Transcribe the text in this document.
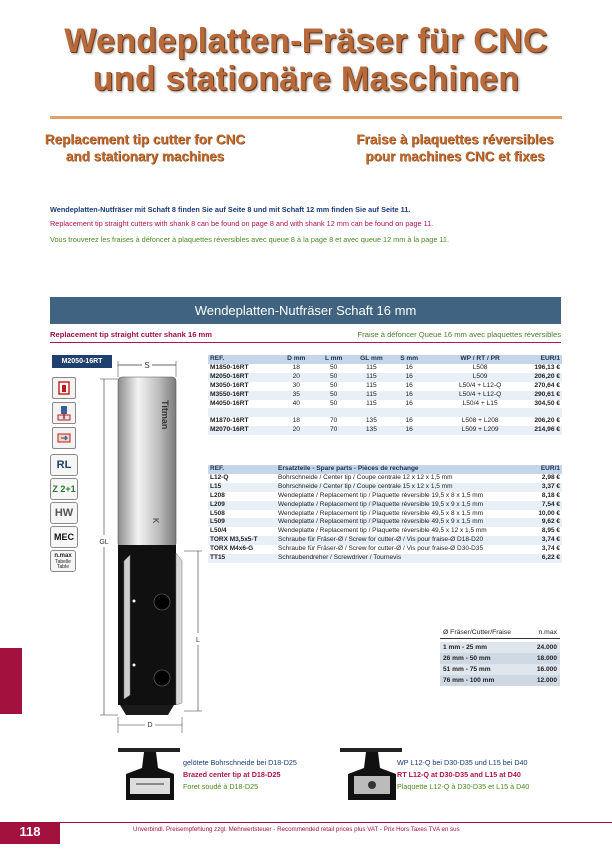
Wendeplatten-Fräser für CNC
und stationäre Maschinen
Replacement tip cutter for CNC
and stationary machines
Fraise à plaquettes réversibles
pour machines CNC et fixes
Wendeplatten-Nutfräser mit Schaft 8 finden Sie auf Seite 8 und mit Schaft 12 mm finden Sie auf Seite 11.
Replacement tip straight cutters with shank 8 can be found on page 8 and with shank 12 mm can be found on page 11.
Vous trouverez les fraises à défoncer à plaquettes réversibles avec queue 8 à la page 8 et avec queue 12 mm à la page 11.
Wendeplatten-Nutfräser Schaft 16 mm
Replacement tip straight cutter shank 16 mm	Fraise à défoncer Queue 16 mm avec plaquettes réversibles
M2050-16RT
RL
Z 2+1
HW
MEC
n.max
Tabelle
Table
S
GL
Titman
K
L
D
REF.	D mm	L mm	GL mm	S mm	WP / RT / PR	EUR/1
M1850-16RT	18	50	115	16	L508	196,13 €
M2050-16RT	20	50	115	16	L509	206,20 €
M3050-16RT	30	50	115	16	L50/4 + L12-Q	270,64 €
M3550-16RT	35	50	115	16	L50/4 + L12-Q	290,61 €
M4050-16RT	40	50	115	16	L50/4 + L15	304,50 €

M1870-16RT	18	70	135	16	L508 + L208	206,20 €
M2070-16RT	20	70	135	16	L509 + L209	214,96 €
REF.	Ersatzteile - Spare parts - Pièces de rechange	EUR/1
L12-Q	Bohrschneide / Center tip / Coupe centrale 12 x 12 x 1,5 mm	2,98 €
L15	Bohrschneide / Center tip / Coupe centrale 15 x 12 x 1,5 mm	3,37 €
L208	Wendeplatte / Replacement tip / Plaquette réversible 19,5 x 8 x 1,5 mm	8,18 €
L209	Wendeplatte / Replacement tip / Plaquette réversible 19,5 x 9 x 1,5 mm	7,54 €
L508	Wendeplatte / Replacement tip / Plaquette réversible 49,5 x 8 x 1,5 mm	10,00 €
L509	Wendeplatte / Replacement tip / Plaquette réversible 49,5 x 9 x 1,5 mm	9,62 €
L50/4	Wendeplatte / Replacement tip / Plaquette réversible 49,5 x 12 x 1,5 mm	8,95 €
TORX M3,5x5-T	Schraube für Fräser-Ø / Screw for cutter-Ø / Vis pour fraise-Ø D18-D20	3,74 €
TORX M4x6-G	Schraube für Fräser-Ø / Screw for cutter-Ø / Vis pour fraise-Ø D30-D35	3,74 €
TT15	Schraubendreher / Screwdriver / Tournevis	6,22 €
Ø Fräser/Cutter/Fraise	n.max

1 mm - 25 mm	24.000
26 mm - 50 mm	18.000
51 mm - 75 mm	16.000
76 mm - 100 mm	12.000
gelötete Bohrschneide bei D18-D25
Brazed center tip at D18-D25
Foret soudé à D18-D25
WP L12-Q bei D30-D35 und L15 bei D40
RT L12-Q at D30-D35 and L15 at D40
Plaquette L12-Q à D30-D35 et L15 à D40
118	Unverbindl. Preisempfehlung zzgl. Mehrwertsteuer - Recommended retail prices plus VAT - Prix Hors Taxes TVA en sus
